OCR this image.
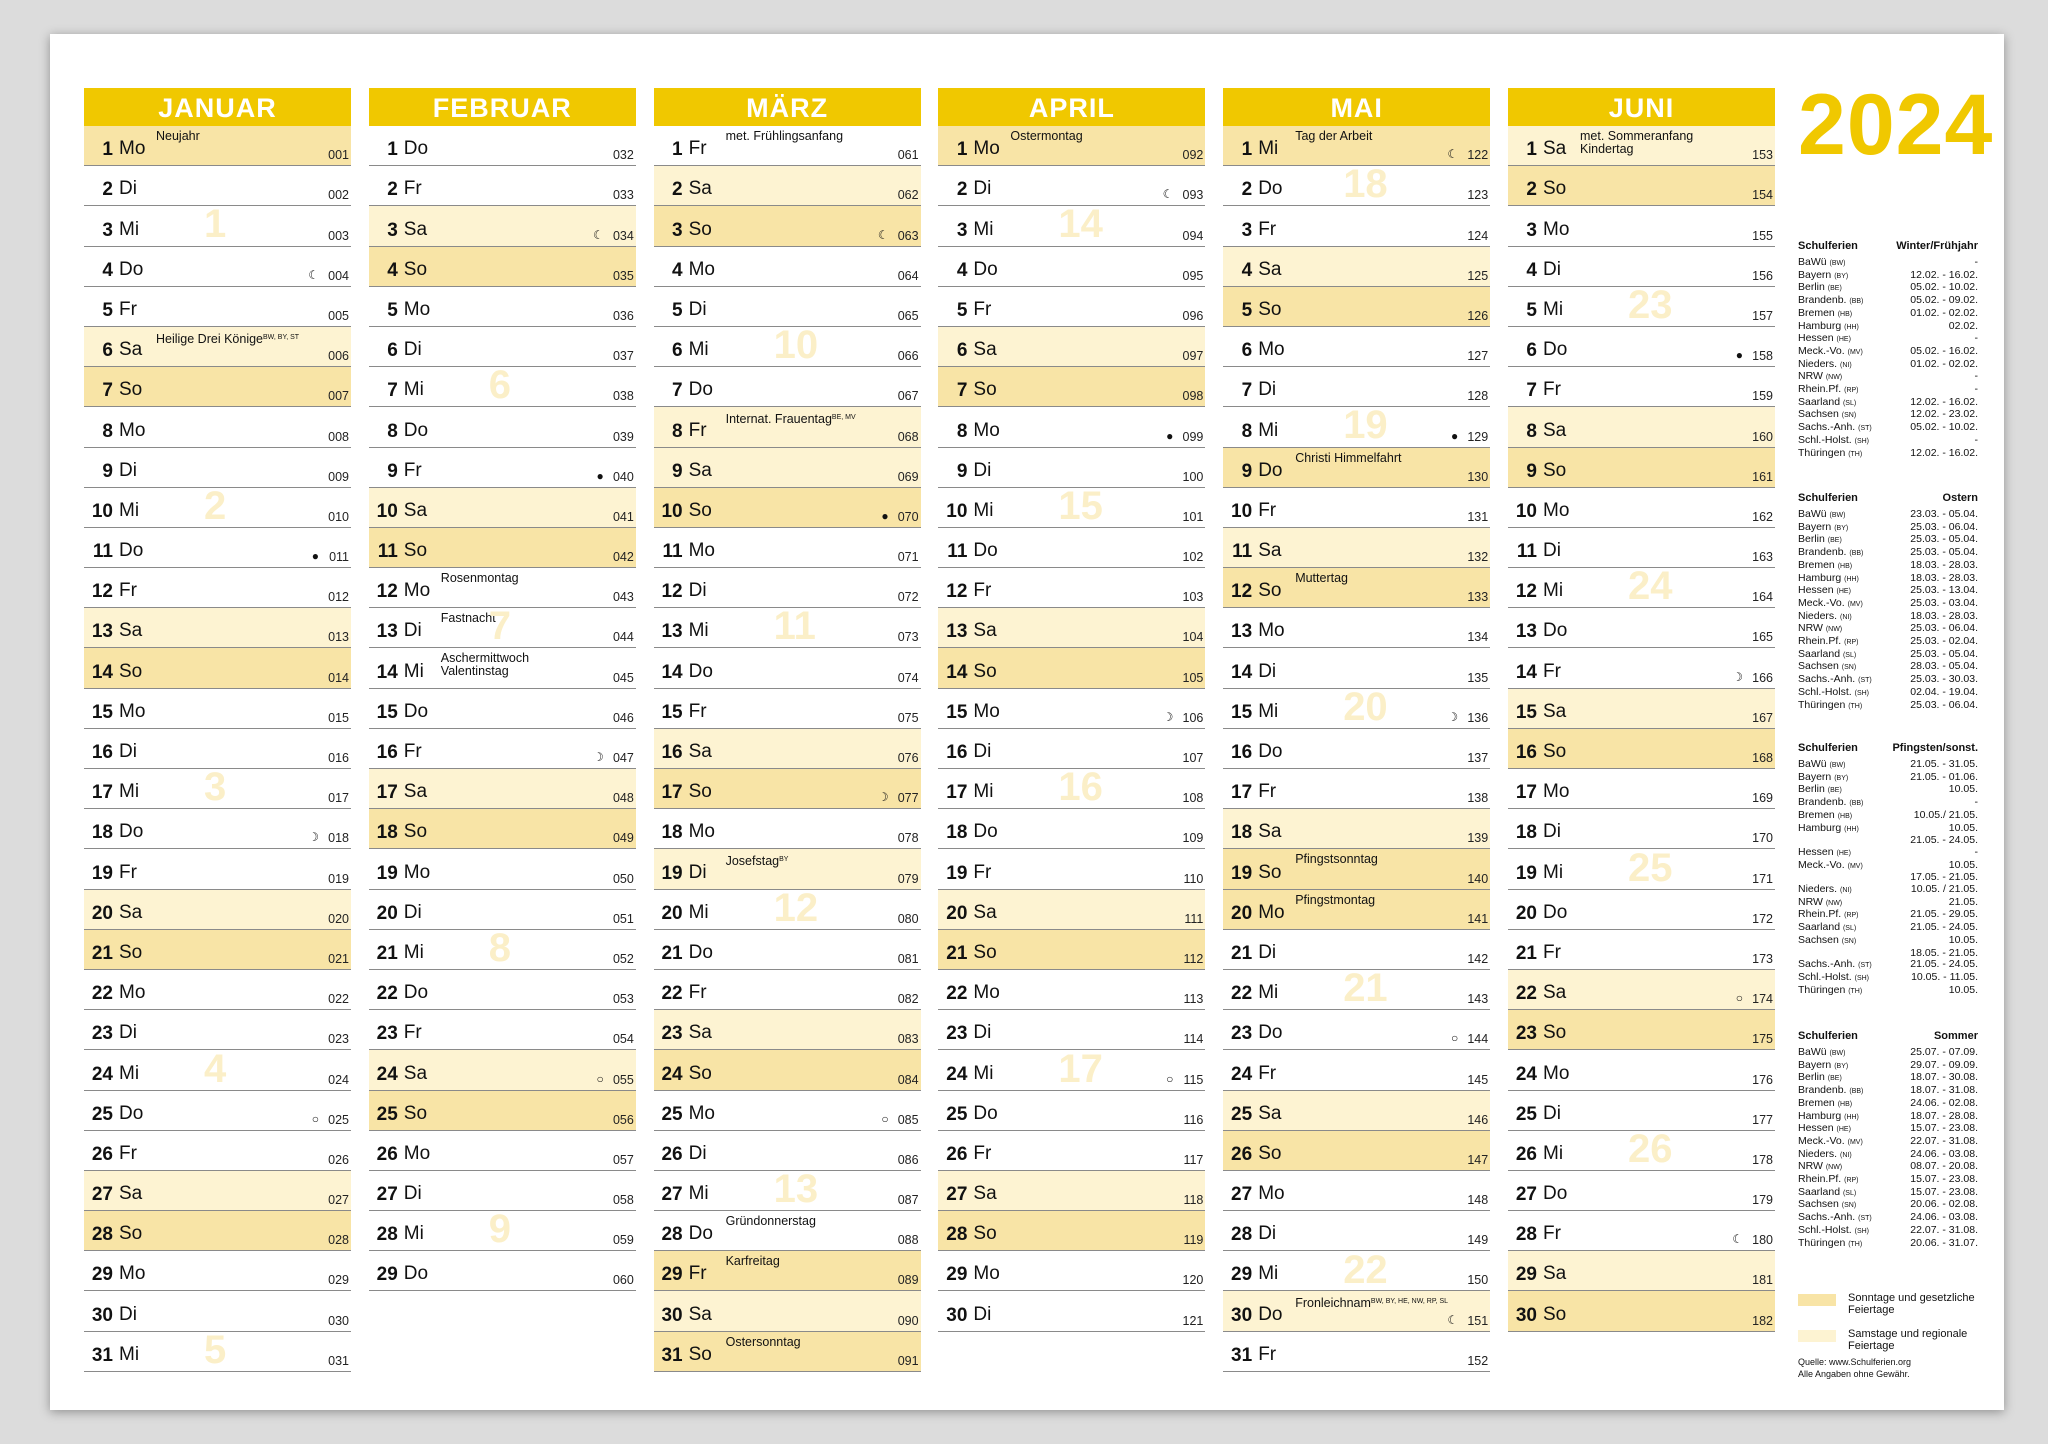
JANUAR
1 Mo	001
Neujahr
2 Di	002
3 Mi	003
4 Do	004
☾
5 Fr	005
6 Sa	006
Heilige Drei Könige$^{BW, BY, ST}$
7 So	007
8 Mo	008
9 Di	009
10 Mi	010
11 Do	011
●
12 Fr	012
13 Sa	013
14 So	014
15 Mo	015
16 Di	016
17 Mi	017
18 Do	018
☽
19 Fr	019
20 Sa	020
21 So	021
22 Mo	022
23 Di	023
24 Mi	024
25 Do	025
○
26 Fr	026
27 Sa	027
28 So	028
29 Mo	029
30 Di	030
31 Mi	031
1
2
3
4
5
FEBRUAR
1 Do	032
2 Fr	033
3 Sa	034
☾
4 So	035
5 Mo	036
6 Di	037
7 Mi	038
8 Do	039
9 Fr	040
●
10 Sa	041
11 So	042
12 Mo	043
Rosenmontag
13 Di	044
Fastnacht
14 Mi	045
Aschermittwoch
Valentinstag
15 Do	046
16 Fr	047
☽
17 Sa	048
18 So	049
19 Mo	050
20 Di	051
21 Mi	052
22 Do	053
23 Fr	054
24 Sa	055
○
25 So	056
26 Mo	057
27 Di	058
28 Mi	059
29 Do	060
6
7
8
9
MÄRZ
1 Fr	061
met. Frühlingsanfang
2 Sa	062
3 So	063
☾
4 Mo	064
5 Di	065
6 Mi	066
7 Do	067
8 Fr	068
Internat. Frauentag$^{BE, MV}$
9 Sa	069
10 So	070
●
11 Mo	071
12 Di	072
13 Mi	073
14 Do	074
15 Fr	075
16 Sa	076
17 So	077
☽
18 Mo	078
19 Di	079
Josefstag$^{BY}$
20 Mi	080
21 Do	081
22 Fr	082
23 Sa	083
24 So	084
25 Mo	085
○
26 Di	086
27 Mi	087
28 Do	088
Gründonnerstag
29 Fr	089
Karfreitag
30 Sa	090
31 So	091
Ostersonntag
10
11
12
13
APRIL
1 Mo	092
Ostermontag
2 Di	093
☾
3 Mi	094
4 Do	095
5 Fr	096
6 Sa	097
7 So	098
8 Mo	099
●
9 Di	100
10 Mi	101
11 Do	102
12 Fr	103
13 Sa	104
14 So	105
15 Mo	106
☽
16 Di	107
17 Mi	108
18 Do	109
19 Fr	110
20 Sa	111
21 So	112
22 Mo	113
23 Di	114
24 Mi	115
○
25 Do	116
26 Fr	117
27 Sa	118
28 So	119
29 Mo	120
30 Di	121
14
15
16
17
MAI
1 Mi	122
Tag der Arbeit
☾
2 Do	123
3 Fr	124
4 Sa	125
5 So	126
6 Mo	127
7 Di	128
8 Mi	129
●
9 Do	130
Christi Himmelfahrt
10 Fr	131
11 Sa	132
12 So	133
Muttertag
13 Mo	134
14 Di	135
15 Mi	136
☽
16 Do	137
17 Fr	138
18 Sa	139
19 So	140
Pfingstsonntag
20 Mo	141
Pfingstmontag
21 Di	142
22 Mi	143
23 Do	144
○
24 Fr	145
25 Sa	146
26 So	147
27 Mo	148
28 Di	149
29 Mi	150
30 Do	151
Fronleichnam$^{BW, BY, HE, NW, RP, SL}$
☾
31 Fr	152
18
19
20
21
22
JUNI
1 Sa	153
met. Sommeranfang
Kindertag
2 So	154
3 Mo	155
4 Di	156
5 Mi	157
6 Do	158
●
7 Fr	159
8 Sa	160
9 So	161
10 Mo	162
11 Di	163
12 Mi	164
13 Do	165
14 Fr	166
☽
15 Sa	167
16 So	168
17 Mo	169
18 Di	170
19 Mi	171
20 Do	172
21 Fr	173
22 Sa	174
○
23 So	175
24 Mo	176
25 Di	177
26 Mi	178
27 Do	179
28 Fr	180
☾
29 Sa	181
30 So	182
23
24
25
26
2024
Schulferien	Winter/Frühjahr
BaWü (BW)	-
Bayern (BY)	12.02. - 16.02.
Berlin (BE)	05.02. - 10.02.
Brandenb. (BB)	05.02. - 09.02.
Bremen (HB)	01.02. - 02.02.
Hamburg (HH)	02.02.
Hessen (HE)	-
Meck.-Vo. (MV)	05.02. - 16.02.
Nieders. (NI)	01.02. - 02.02.
NRW (NW)	-
Rhein.Pf. (RP)	-
Saarland (SL)	12.02. - 16.02.
Sachsen (SN)	12.02. - 23.02.
Sachs.-Anh. (ST)	05.02. - 10.02.
Schl.-Holst. (SH)	-
Thüringen (TH)	12.02. - 16.02.
Schulferien	Ostern
BaWü (BW)	23.03. - 05.04.
Bayern (BY)	25.03. - 06.04.
Berlin (BE)	25.03. - 05.04.
Brandenb. (BB)	25.03. - 05.04.
Bremen (HB)	18.03. - 28.03.
Hamburg (HH)	18.03. - 28.03.
Hessen (HE)	25.03. - 13.04.
Meck.-Vo. (MV)	25.03. - 03.04.
Nieders. (NI)	18.03. - 28.03.
NRW (NW)	25.03. - 06.04.
Rhein.Pf. (RP)	25.03. - 02.04.
Saarland (SL)	25.03. - 05.04.
Sachsen (SN)	28.03. - 05.04.
Sachs.-Anh. (ST)	25.03. - 30.03.
Schl.-Holst. (SH)	02.04. - 19.04.
Thüringen (TH)	25.03. - 06.04.
Schulferien	Pfingsten/sonst.
BaWü (BW)	21.05. - 31.05.
Bayern (BY)	21.05. - 01.06.
Berlin (BE)	10.05.
Brandenb. (BB)	-
Bremen (HB)	10.05./ 21.05.
Hamburg (HH)	10.05.
21.05. - 24.05.
Hessen (HE)	-
Meck.-Vo. (MV)	10.05.
17.05. - 21.05.
Nieders. (NI)	10.05. / 21.05.
NRW (NW)	21.05.
Rhein.Pf. (RP)	21.05. - 29.05.
Saarland (SL)	21.05. - 24.05.
Sachsen (SN)	10.05.
18.05. - 21.05.
Sachs.-Anh. (ST)	21.05. - 24.05.
Schl.-Holst. (SH)	10.05. - 11.05.
Thüringen (TH)	10.05.
Schulferien	Sommer
BaWü (BW)	25.07. - 07.09.
Bayern (BY)	29.07. - 09.09.
Berlin (BE)	18.07. - 30.08.
Brandenb. (BB)	18.07. - 31.08.
Bremen (HB)	24.06. - 02.08.
Hamburg (HH)	18.07. - 28.08.
Hessen (HE)	15.07. - 23.08.
Meck.-Vo. (MV)	22.07. - 31.08.
Nieders. (NI)	24.06. - 03.08.
NRW (NW)	08.07. - 20.08.
Rhein.Pf. (RP)	15.07. - 23.08.
Saarland (SL)	15.07. - 23.08.
Sachsen (SN)	20.06. - 02.08.
Sachs.-Anh. (ST)	24.06. - 03.08.
Schl.-Holst. (SH)	22.07. - 31.08.
Thüringen (TH)	20.06. - 31.07.
Sonntage und gesetzliche Feiertage
Samstage und regionale Feiertage
Quelle: www.Schulferien.org
Alle Angaben ohne Gewähr.
